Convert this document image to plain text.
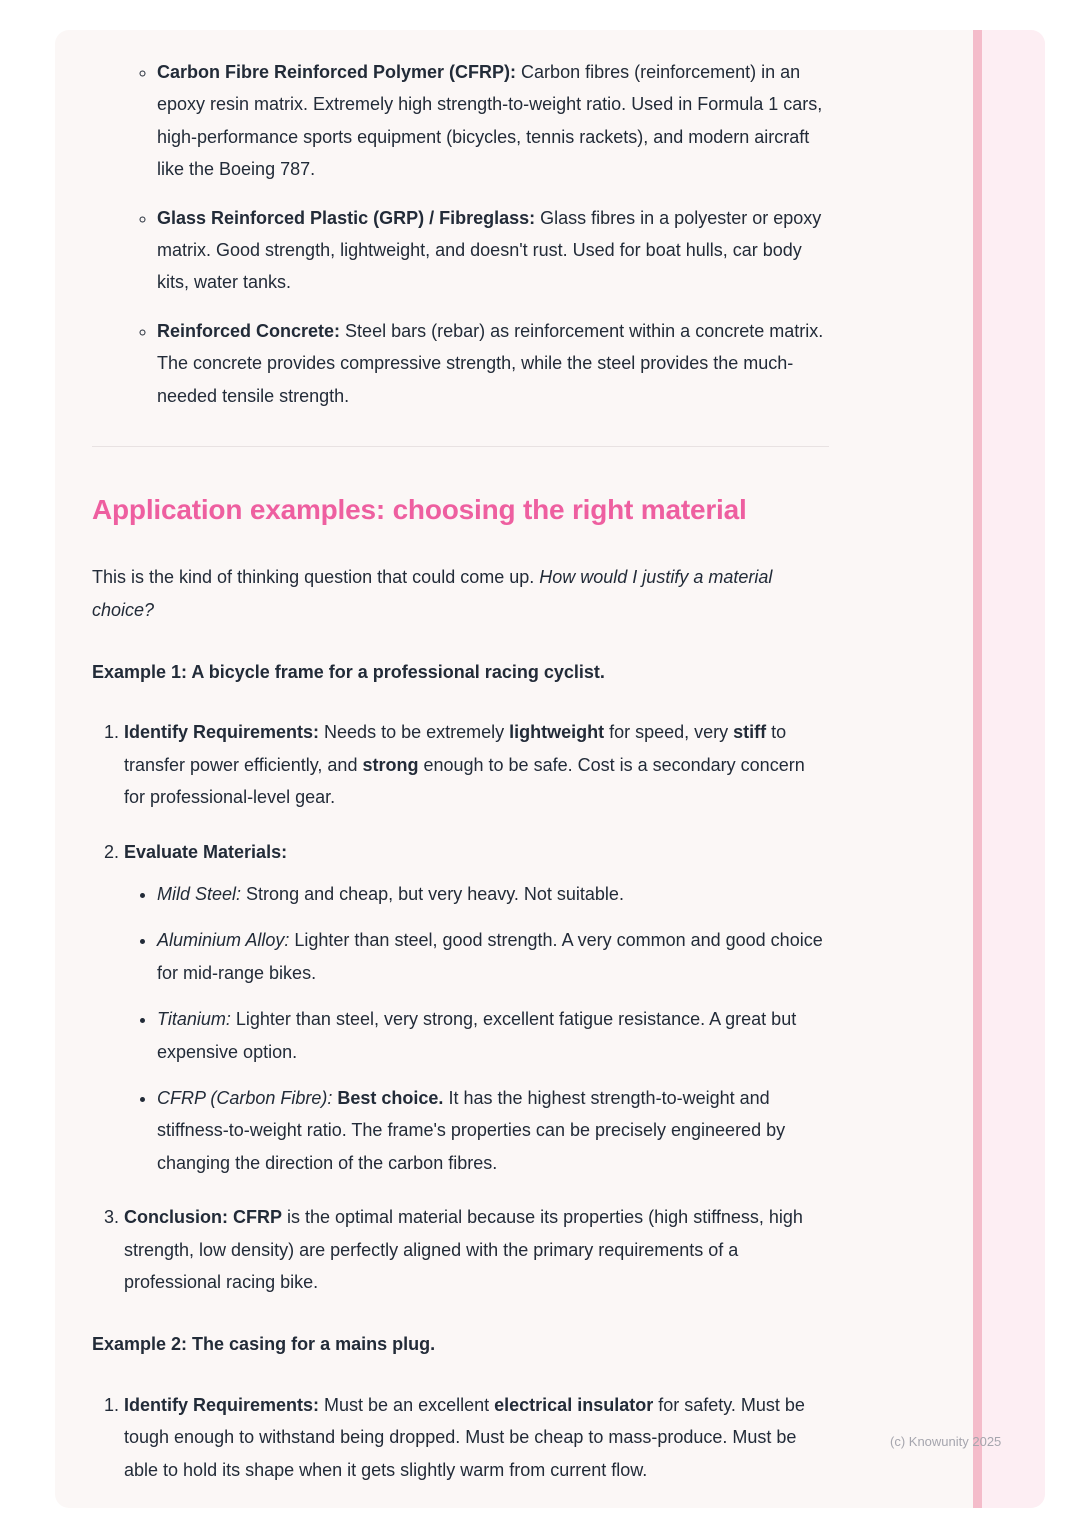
◦ Carbon Fibre Reinforced Polymer (CFRP): Carbon fibres (reinforcement) in an epoxy resin matrix. Extremely high strength-to-weight ratio. Used in Formula 1 cars, high-performance sports equipment (bicycles, tennis rackets), and modern aircraft like the Boeing 787.
◦ Glass Reinforced Plastic (GRP) / Fibreglass: Glass fibres in a polyester or epoxy matrix. Good strength, lightweight, and doesn't rust. Used for boat hulls, car body kits, water tanks.
◦ Reinforced Concrete: Steel bars (rebar) as reinforcement within a concrete matrix. The concrete provides compressive strength, while the steel provides the much-needed tensile strength.
Application examples: choosing the right material

This is the kind of thinking question that could come up. How would I justify a material choice?

Example 1: A bicycle frame for a professional racing cyclist.

1. Identify Requirements: Needs to be extremely lightweight for speed, very stiff to transfer power efficiently, and strong enough to be safe. Cost is a secondary concern for professional-level gear.
2. Evaluate Materials:
• Mild Steel: Strong and cheap, but very heavy. Not suitable.
• Aluminium Alloy: Lighter than steel, good strength. A very common and good choice for mid-range bikes.
• Titanium: Lighter than steel, very strong, excellent fatigue resistance. A great but expensive option.
• CFRP (Carbon Fibre): Best choice. It has the highest strength-to-weight and stiffness-to-weight ratio. The frame's properties can be precisely engineered by changing the direction of the carbon fibres.
3. Conclusion: CFRP is the optimal material because its properties (high stiffness, high strength, low density) are perfectly aligned with the primary requirements of a professional racing bike.

Example 2: The casing for a mains plug.

1. Identify Requirements: Must be an excellent electrical insulator for safety. Must be tough enough to withstand being dropped. Must be cheap to mass-produce. Must be able to hold its shape when it gets slightly warm from current flow.
(c) Knowunity 2025
